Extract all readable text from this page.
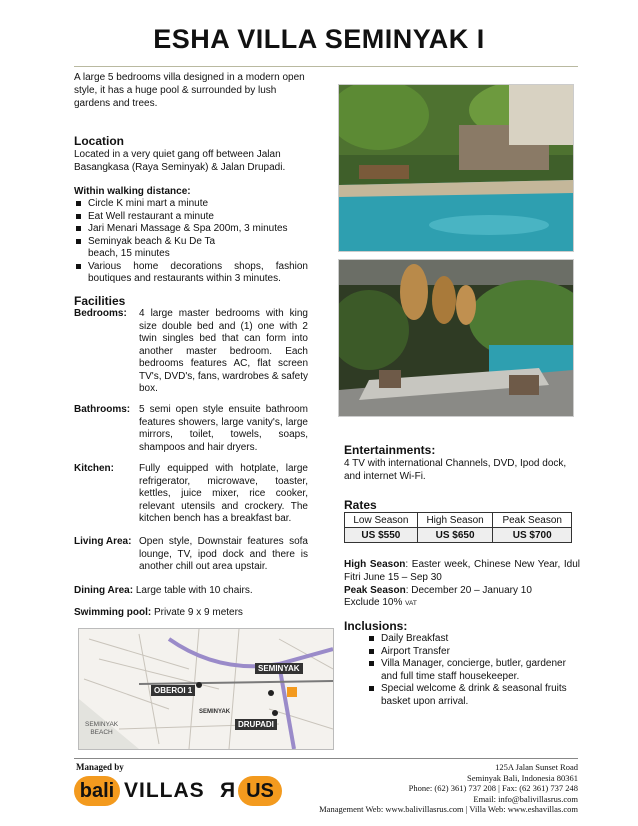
ESHA VILLA SEMINYAK I
A large 5 bedrooms villa designed in a modern open style, it has a huge pool & surrounded by lush gardens and trees.
Location
Located in a very quiet gang off between Jalan Basangkasa (Raya Seminyak) & Jalan Drupadi.
Within walking distance:
Circle K mini mart a minute
Eat Well restaurant a minute
Jari Menari Massage & Spa 200m, 3 minutes
Seminyak beach & Ku De Ta beach, 15 minutes
Various home decorations shops, fashion boutiques and restaurants within 3 minutes.
Facilities
Bedrooms: 4 large master bedrooms with king size double bed and (1) one with 2 twin singles bed that can form into another master bedroom. Each bedrooms features AC, flat screen TV's, DVD's, fans, wardrobes & safety box.
Bathrooms: 5 semi open style ensuite bathroom features showers, large vanity's, large mirrors, toilet, towels, soaps, shampoos and hair dryers.
Kitchen:	Fully equipped with hotplate, large refrigerator, microwave, toaster, kettles, juice mixer, rice cooker, relevant utensils and crockery. The kitchen bench has a breakfast bar.
Living Area: Open style, Downstair features sofa lounge, TV, ipod dock and there is another chill out area upstair.
Dining Area: Large table with 10 chairs.
Swimming pool: Private 9 x 9 meters
SEMINYAK
OBEROI 1
DRUPADI
SEMINYAK
SEMINYAK
BEACH
Entertainments:
4 TV with international Channels, DVD, Ipod dock, and internet Wi-Fi.
Rates
Low Season	High Season	Peak Season
US $550	US $650	US $700
High Season: Easter week, Chinese New Year, Idul Fitri June 15 – Sep 30
Peak Season: December 20 – January 10
Exclude 10% VAT
Inclusions:
Daily Breakfast
Airport Transfer
Villa Manager, concierge, butler, gardener and full time staff housekeeper.
Special welcome & drink & seasonal fruits basket upon arrival.
Managed by
bali VILLAS R US
125A Jalan Sunset Road
Seminyak Bali, Indonesia 80361
Phone: (62) 361) 737 208 | Fax: (62 361) 737 248
Email: info@balivillasrus.com
Management Web: www.balivillasrus.com | Villa Web: www.eshavillas.com
